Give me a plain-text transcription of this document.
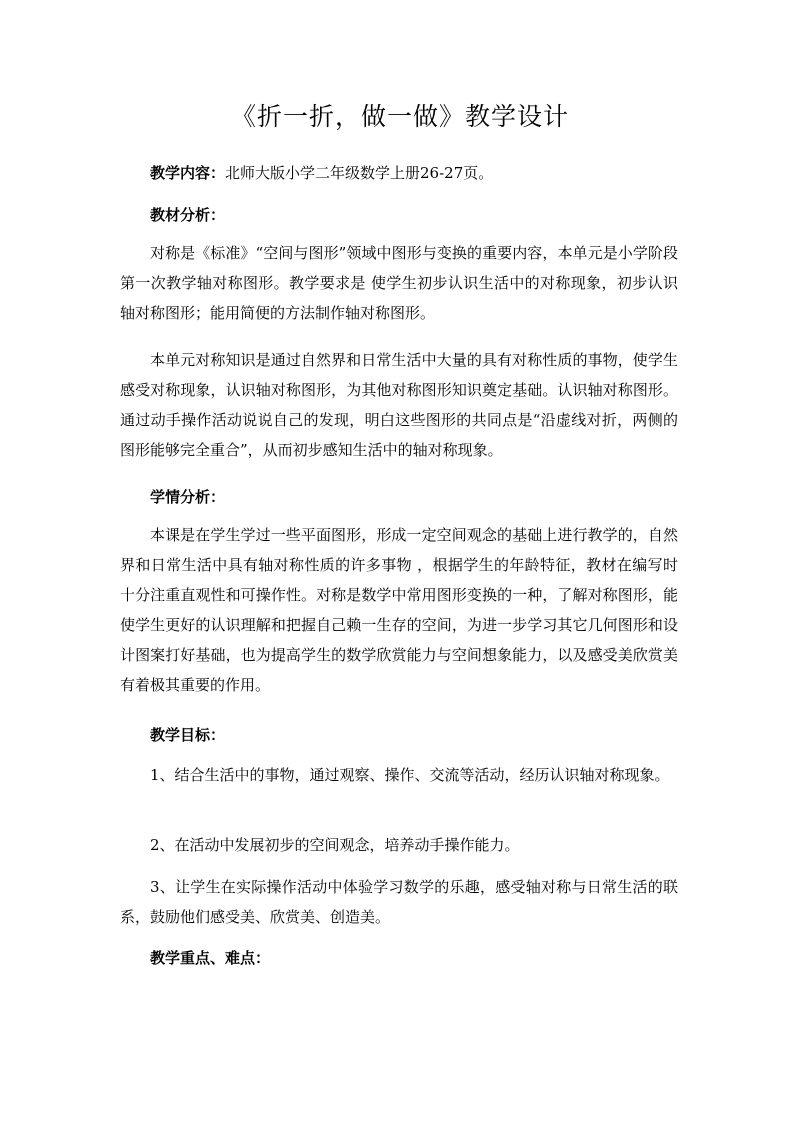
《折一折，做一做》教学设计
教学内容：北师大版小学二年级数学上册26-27页。
教材分析：

对称是《标准》“空间与图形”领域中图形与变换的重要内容，本单元是小学阶段第一次教学轴对称图形。教学要求是 使学生初步认识生活中的对称现象，初步认识轴对称图形；能用简便的方法制作轴对称图形。

本单元对称知识是通过自然界和日常生活中大量的具有对称性质的事物，使学生感受对称现象，认识轴对称图形，为其他对称图形知识奠定基础。认识轴对称图形。通过动手操作活动说说自己的发现，明白这些图形的共同点是“沿虚线对折，两侧的图形能够完全重合”，从而初步感知生活中的轴对称现象。

学情分析：

本课是在学生学过一些平面图形，形成一定空间观念的基础上进行教学的，自然界和日常生活中具有轴对称性质的许多事物 ，根据学生的年龄特征，教材在编写时十分注重直观性和可操作性。对称是数学中常用图形变换的一种，了解对称图形，能使学生更好的认识理解和把握自己赖一生存的空间，为进一步学习其它几何图形和设计图案打好基础，也为提高学生的数学欣赏能力与空间想象能力，以及感受美欣赏美有着极其重要的作用。

教学目标：

1、结合生活中的事物，通过观察、操作、交流等活动，经历认识轴对称现象。

2、在活动中发展初步的空间观念，培养动手操作能力。

3、让学生在实际操作活动中体验学习数学的乐趣，感受轴对称与日常生活的联系，鼓励他们感受美、欣赏美、创造美。

教学重点、难点：
